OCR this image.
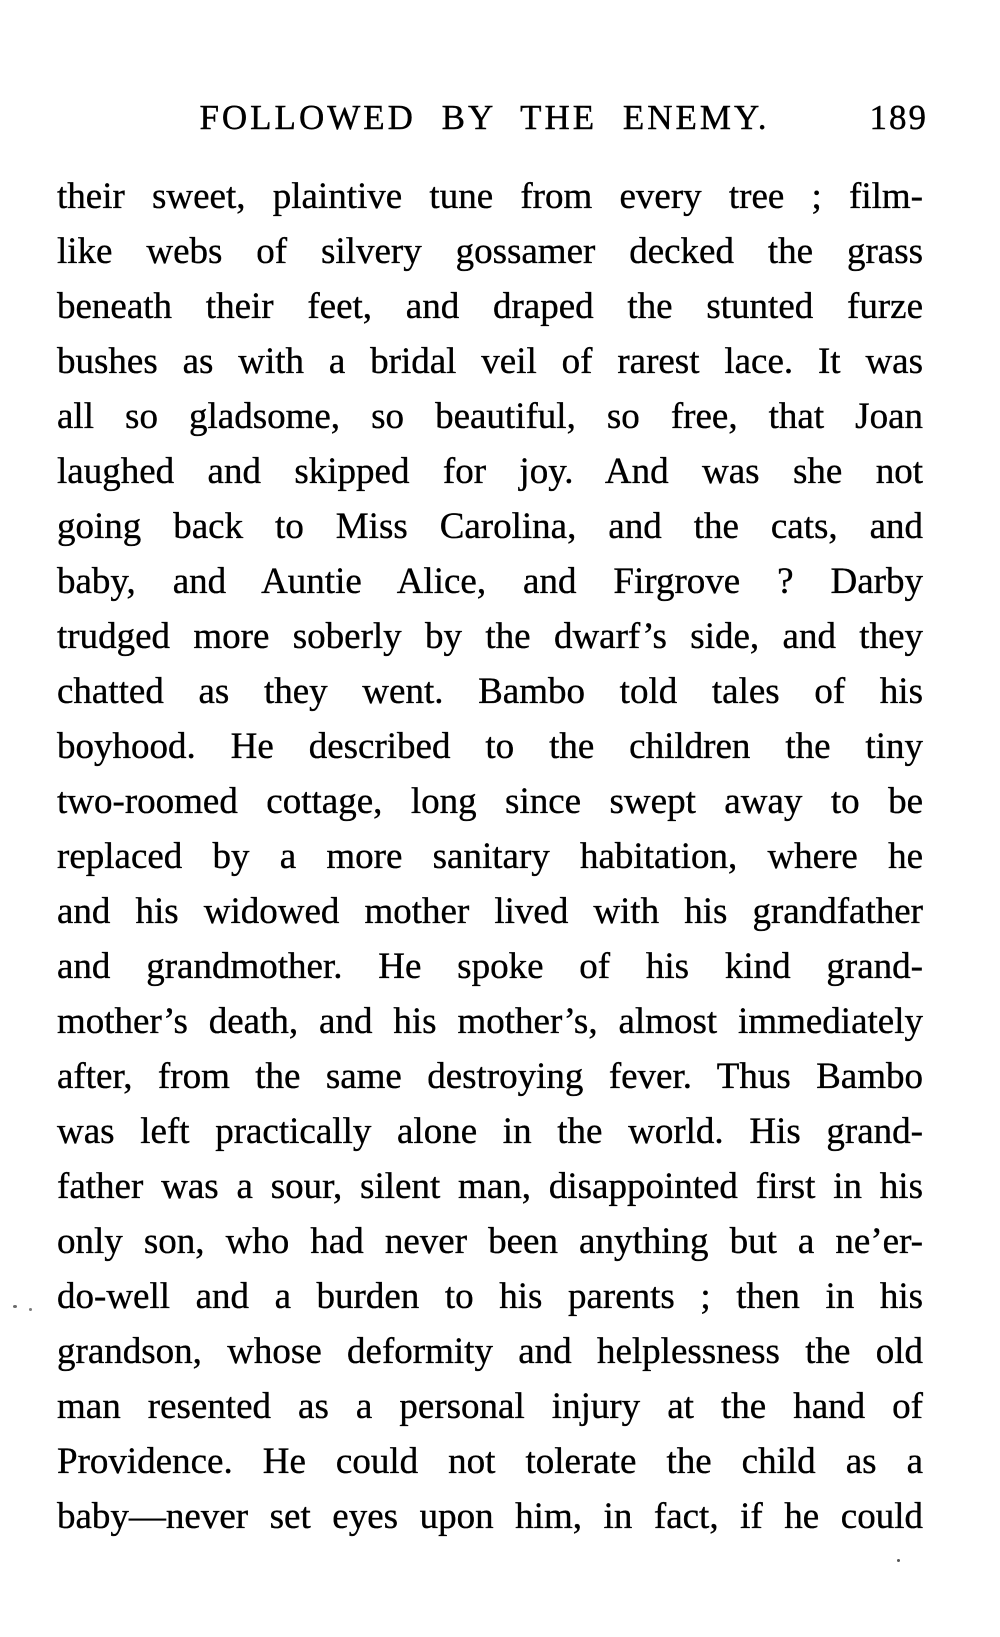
FOLLOWED BY THE ENEMY.	189
their sweet, plaintive tune from every tree ; film-
like webs of silvery gossamer decked the grass
beneath their feet, and draped the stunted furze
bushes as with a bridal veil of rarest lace. It was
all so gladsome, so beautiful, so free, that Joan
laughed and skipped for joy. And was she not
going back to Miss Carolina, and the cats, and
baby, and Auntie Alice, and Firgrove ? Darby
trudged more soberly by the dwarf’s side, and they
chatted as they went. Bambo told tales of his
boyhood. He described to the children the tiny
two-roomed cottage, long since swept away to be
replaced by a more sanitary habitation, where he
and his widowed mother lived with his grandfather
and grandmother. He spoke of his kind grand-
mother’s death, and his mother’s, almost immediately
after, from the same destroying fever. Thus Bambo
was left practically alone in the world. His grand-
father was a sour, silent man, disappointed first in his
only son, who had never been anything but a ne’er-
do-well and a burden to his parents ; then in his
grandson, whose deformity and helplessness the old
man resented as a personal injury at the hand of
Providence. He could not tolerate the child as a
baby—never set eyes upon him, in fact, if he could
